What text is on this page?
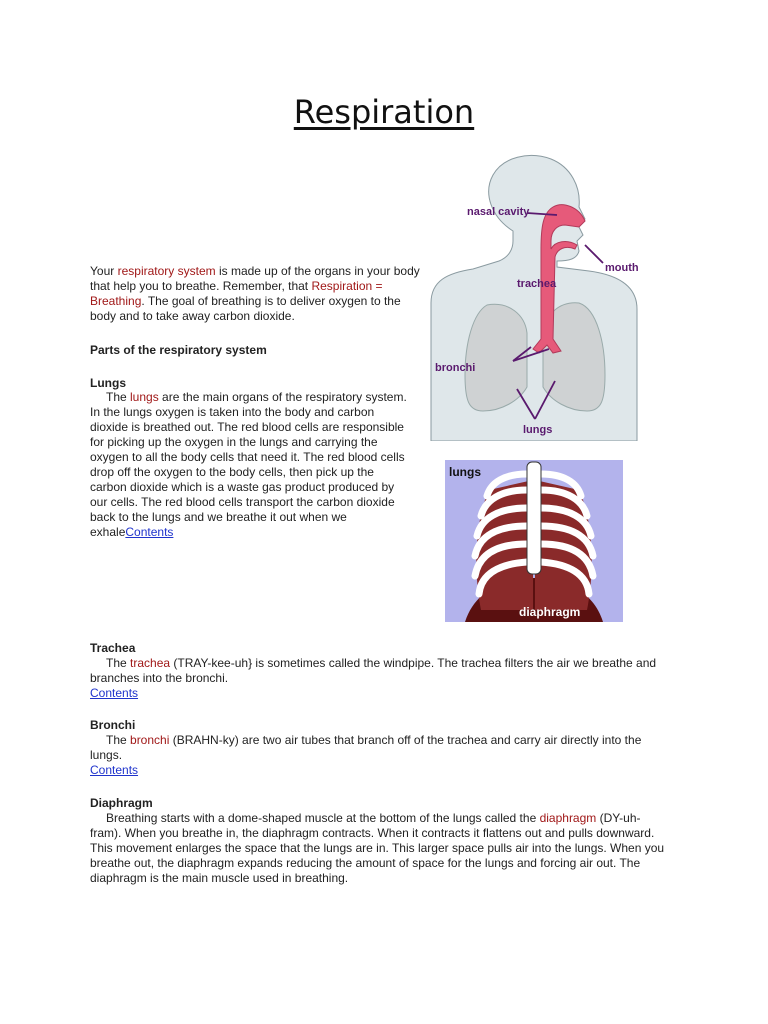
Respiration
Your respiratory system is made up of the organs in your body that help you to breathe. Remember, that Respiration = Breathing. The goal of breathing is to deliver oxygen to the body and to take away carbon dioxide.
Parts of the respiratory system
Lungs
The lungs are the main organs of the respiratory system. In the lungs oxygen is taken into the body and carbon dioxide is breathed out. The red blood cells are responsible for picking up the oxygen in the lungs and carrying the oxygen to all the body cells that need it. The red blood cells drop off the oxygen to the body cells, then pick up the carbon dioxide which is a waste gas product produced by our cells. The red blood cells transport the carbon dioxide back to the lungs and we breathe it out when we exhaleContents
nasal cavity
mouth
trachea
bronchi
lungs
lungs
diaphragm
Trachea
The trachea (TRAY-kee-uh} is sometimes called the windpipe. The trachea filters the air we breathe and branches into the bronchi.
Contents
Bronchi
The bronchi (BRAHN-ky) are two air tubes that branch off of the trachea and carry air directly into the lungs.
Contents
Diaphragm
Breathing starts with a dome-shaped muscle at the bottom of the lungs called the diaphragm (DY-uh-fram). When you breathe in, the diaphragm contracts. When it contracts it flattens out and pulls downward. This movement enlarges the space that the lungs are in. This larger space pulls air into the lungs. When you breathe out, the diaphragm expands reducing the amount of space for the lungs and forcing air out. The diaphragm is the main muscle used in breathing.
